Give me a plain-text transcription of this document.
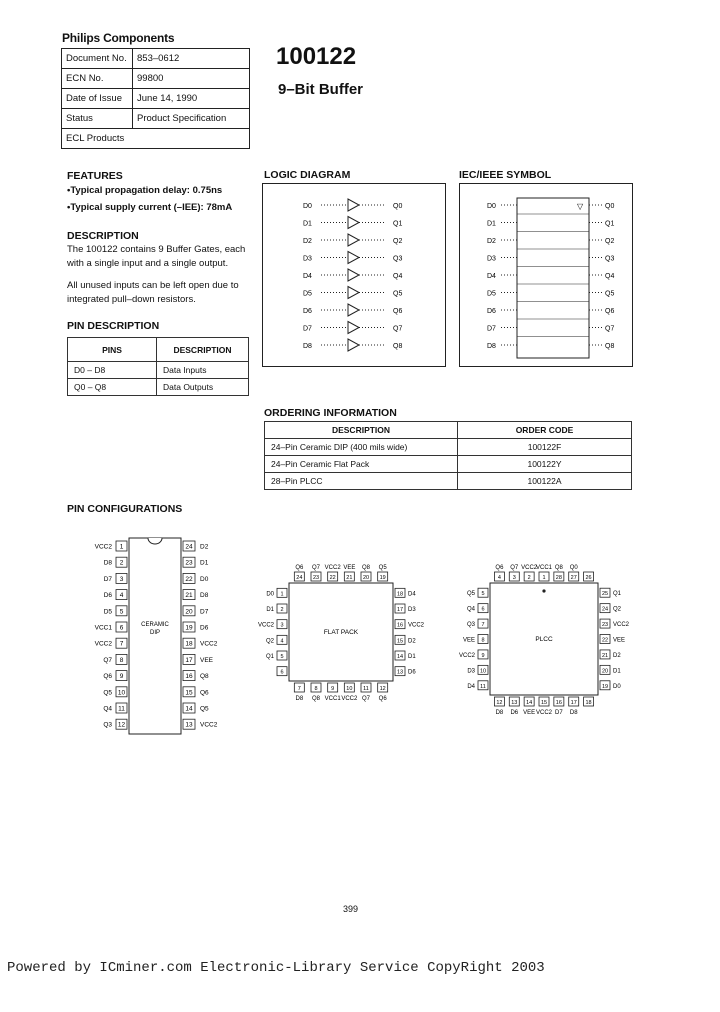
Philips Components
Document No.	853–0612
ECN No.	99800
Date of Issue	June 14, 1990
Status	Product Specification
ECL Products	
100122
9–Bit Buffer
FEATURES
•Typical propagation delay: 0.75ns
•Typical supply current (–IEE): 78mA
DESCRIPTION
The 100122 contains 9 Buffer Gates, each
with a single input and a single output.
All unused inputs can be left open due to
integrated pull–down resistors.
PIN DESCRIPTION
PINS	DESCRIPTION
D0 – D8	Data Inputs
Q0 – Q8	Data Outputs
LOGIC DIAGRAM
D0	Q0
D1	Q1
D2	Q2
D3	Q3
D4	Q4
D5	Q5
D6	Q6
D7	Q7
D8	Q8
IEC/IEEE SYMBOL
D0	Q0
D1	Q1
D2	Q2
D3	Q3
D4	Q4
D5	Q5
D6	Q6
D7	Q7
D8	Q8
▽
ORDERING INFORMATION
DESCRIPTION	ORDER CODE
24–Pin Ceramic DIP (400 mils wide)	100122F
24–Pin Ceramic Flat Pack	100122Y
28–Pin PLCC	100122A
PIN CONFIGURATIONS
CERAMIC
DIP
1
VCC2
2
D8
3
D7
4
D6
5
D5
6
VCC1
7
VCC2
8
Q7
9
Q6
10
Q5
11
Q4
12
Q3
24 D2
23 D1
22 D0
21 D8
20 D7
19 D6
18 VCC2
17 VEE
16 Q8
15 Q6
14 Q5
13 VCC2
FLAT PACK
24
Q6
23
Q7
22
VCC2
21
VEE
20
Q8
19
Q5
7
D8
8
Q8
9
VCC1
10
VCC2
11
Q7
12
Q6
1
D0
2
D1
3
VCC2
4
Q2
5
Q1
6
18 D4
17 D3
16 VCC2
15 D2
14 D1
13 D6
PLCC
4
Q6
3
Q7
2
VCC2
1
VCC1
28
Q8
27
Q0
26
12
D8
13
D6
14
VEE
15
VCC2
16
D7
17
D8
18
5
Q5
6
Q4
7
Q3
8
VEE
9
VCC2
10
D3
11
D4
25 Q1
24 Q2
23 VCC2
22 VEE
21 D2
20 D1
19 D0
399
Powered by ICminer.com Electronic-Library Service CopyRight 2003
